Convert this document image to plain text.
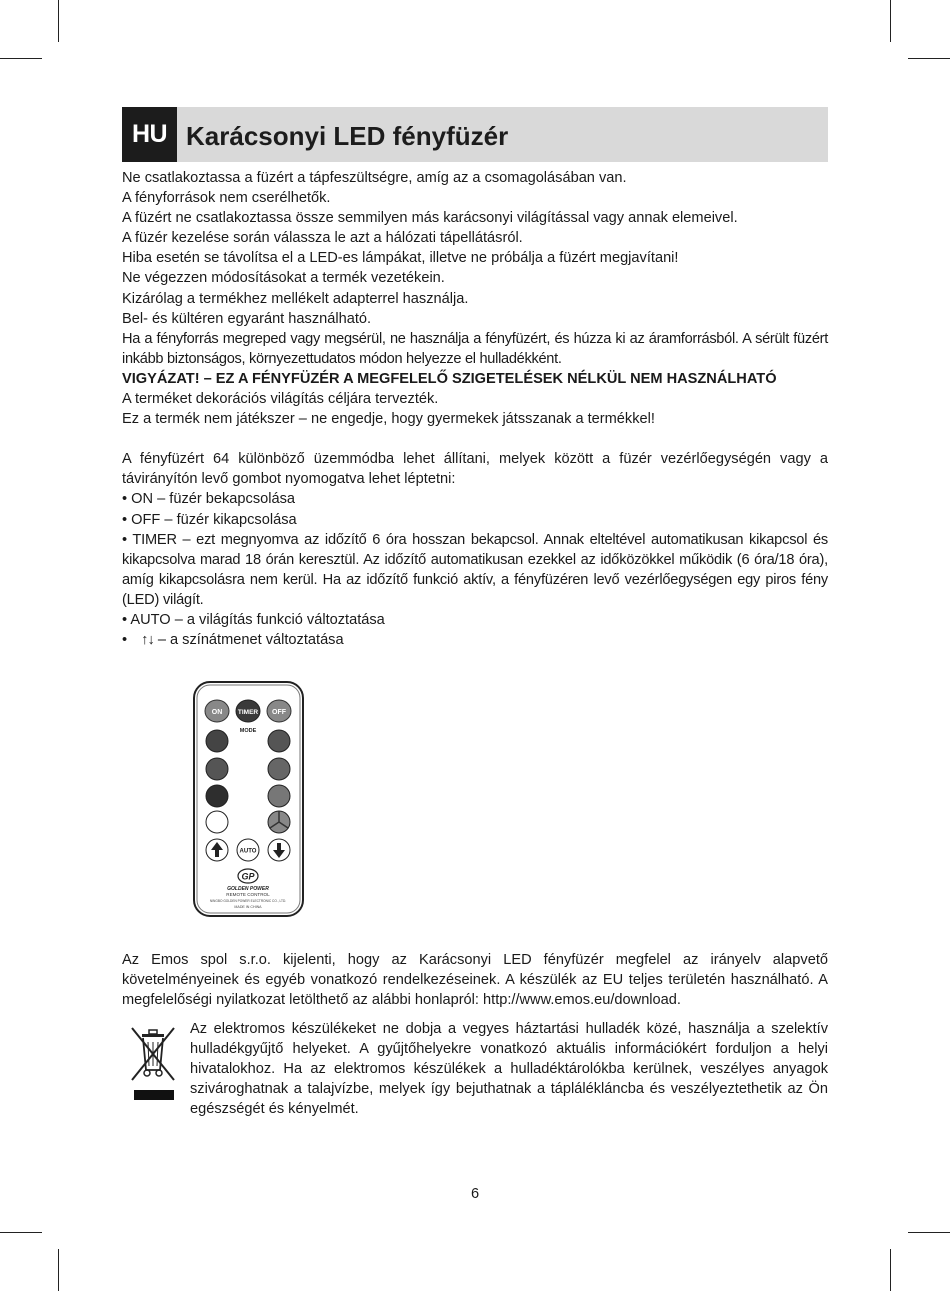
HU Karácsonyi LED fényfüzér

Ne csatlakoztassa a füzért a tápfeszültségre, amíg az a csomagolásában van.

A fényforrások nem cserélhetők.

A füzért ne csatlakoztassa össze semmilyen más karácsonyi világítással vagy annak elemeivel.

A füzér kezelése során válassza le azt a hálózati tápellátásról.

Hiba esetén se távolítsa el a LED-es lámpákat, illetve ne próbálja a füzért megjavítani!

Ne végezzen módosításokat a termék vezetékein.

Kizárólag a termékhez mellékelt adapterrel használja.

Bel- és kültéren egyaránt használható.

Ha a fényforrás megreped vagy megsérül, ne használja a fényfüzért, és húzza ki az áramforrásból. A sérült füzért inkább biztonságos, környezettudatos módon helyezze el hulladékként.

VIGYÁZAT! – EZ A FÉNYFÜZÉR A MEGFELELŐ SZIGETELÉSEK NÉLKÜL NEM HASZNÁLHATÓ

A terméket dekorációs világítás céljára tervezték.

Ez a termék nem játékszer – ne engedje, hogy gyermekek játsszanak a termékkel!

A fényfüzért 64 különböző üzemmódba lehet állítani, melyek között a füzér vezérlőegységén vagy a távirányítón levő gombot nyomogatva lehet léptetni:

• ON – füzér bekapcsolása

• OFF – füzér kikapcsolása

• TIMER – ezt megnyomva az időzítő 6 óra hosszan bekapcsol. Annak elteltével automatikusan kikapcsol és kikapcsolva marad 18 órán keresztül. Az időzítő automatikusan ezekkel az időközökkel működik (6 óra/18 óra), amíg kikapcsolásra nem kerül. Ha az időzítő funkció aktív, a fényfüzéren levő vezérlőegységen egy piros fény (LED) világít.

• AUTO – a világítás funkció változtatása

• ↑↓ – a színátmenet változtatása

ON TIMER OFF
MODE
AUTO
GP
GOLDEN POWER
REMOTE CONTROL
NINGBO GOLDEN POWER ELECTRONIC CO., LTD.
MADE IN CHINA
Az Emos spol s.r.o. kijelenti, hogy az Karácsonyi LED fényfüzér megfelel az irányelv alapvető követelményeinek és egyéb vonatkozó rendelkezéseinek. A készülék az EU teljes területén használható. A megfelelőségi nyilatkozat letölthető az alábbi honlapról: http://www.emos.eu/download.
Az elektromos készülékeket ne dobja a vegyes háztartási hulladék közé, használja a szelektív hulladékgyűjtő helyeket. A gyűjtőhelyekre vonatkozó aktuális információkért forduljon a helyi hivatalokhoz. Ha az elektromos készülékek a hulladéktárolókba kerülnek, veszélyes anyagok szivároghatnak a talajvízbe, melyek így bejuthatnak a táplálékláncba és veszélyeztethetik az Ön egészségét és kényelmét.
6
